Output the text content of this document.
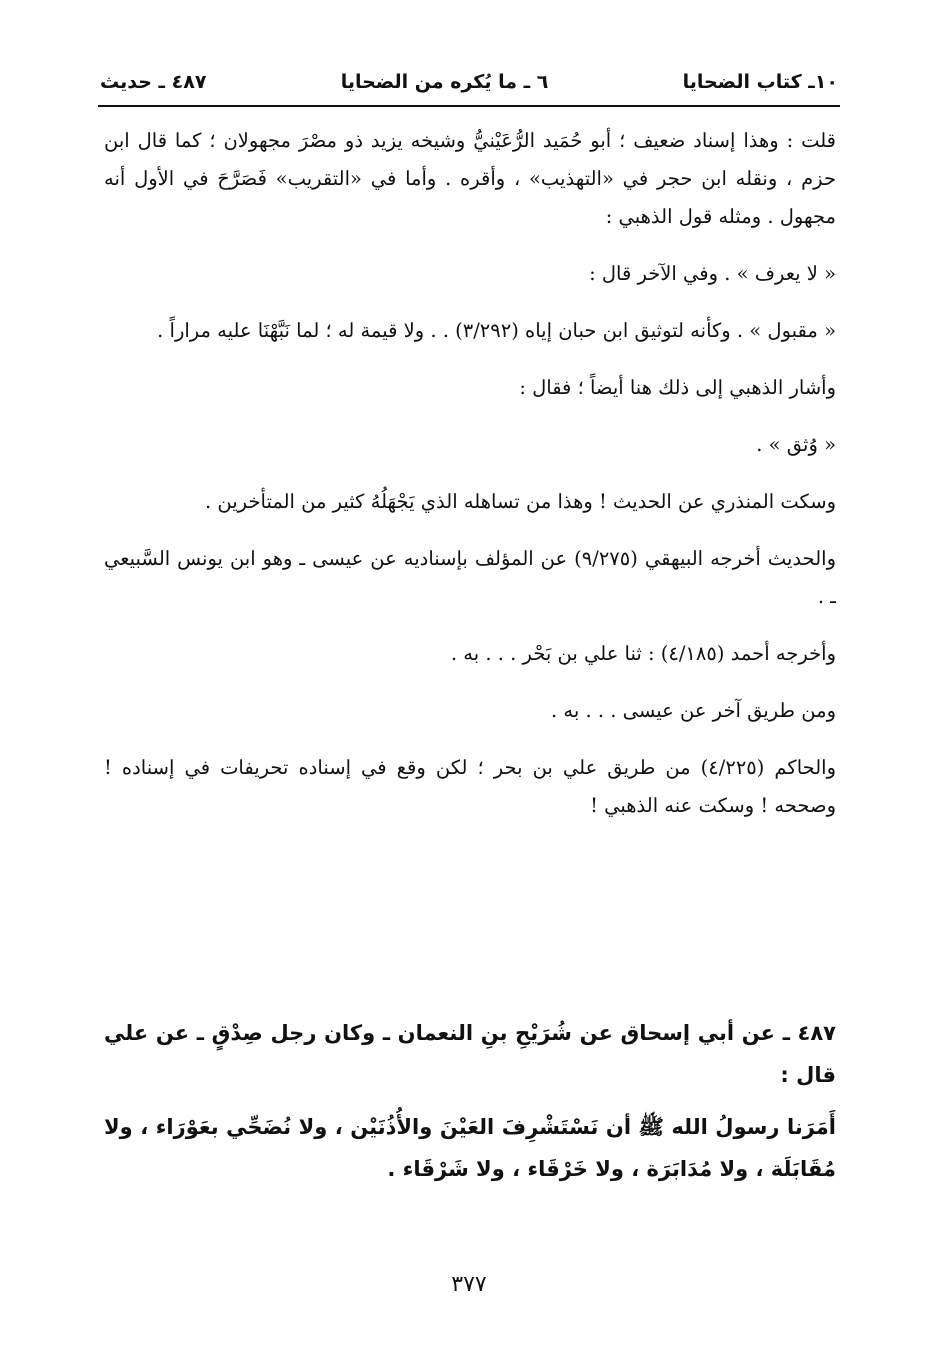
١٠ـ كتاب الضحايا
٦ ـ ما يُكره من الضحايا
٤٨٧ ـ حديث

قلت : وهذا إسناد ضعيف ؛ أبو حُمَيد الرُّعَيْنيُّ وشيخه يزيد ذو مصْرَ مجهولان ؛ كما قال ابن حزم ، ونقله ابن حجر في «التهذيب» ، وأقره . وأما في «التقريب» فَصَرَّحَ في الأول أنه مجهول . ومثله قول الذهبي :

« لا يعرف » . وفي الآخر قال :

« مقبول » . وكأنه لتوثيق ابن حبان إياه (٣/٢٩٢) . . ولا قيمة له ؛ لما نَبَّهْنَا عليه مراراً .

وأشار الذهبي إلى ذلك هنا أيضاً ؛ فقال :

« وُثق » .

وسكت المنذري عن الحديث ! وهذا من تساهله الذي يَجْهَلُهُ كثير من المتأخرين .

والحديث أخرجه البيهقي (٩/٢٧٥) عن المؤلف بإسناديه عن عيسى ـ وهو ابن يونس السَّبيعي ـ .

وأخرجه أحمد (٤/١٨٥) : ثنا علي بن بَحْر . . . به .

ومن طريق آخر عن عيسى . . . به .

والحاكم (٤/٢٢٥) من طريق علي بن بحر ؛ لكن وقع في إسناده تحريفات في إسناده ! وصححه ! وسكت عنه الذهبي !

٤٨٧ ـ عن أبي إسحاق عن شُرَيْحِ بنِ النعمان ـ وكان رجل صِدْقٍ ـ عن علي قال :

أَمَرَنا رسولُ الله ﷺ أن نَسْتَشْرِفَ العَيْنَ والأُذُنَيْن ، ولا نُضَحِّي بعَوْرَاء ، ولا مُقَابَلَة ، ولا مُدَابَرَة ، ولا خَرْقَاء ، ولا شَرْقَاء .

٣٧٧
